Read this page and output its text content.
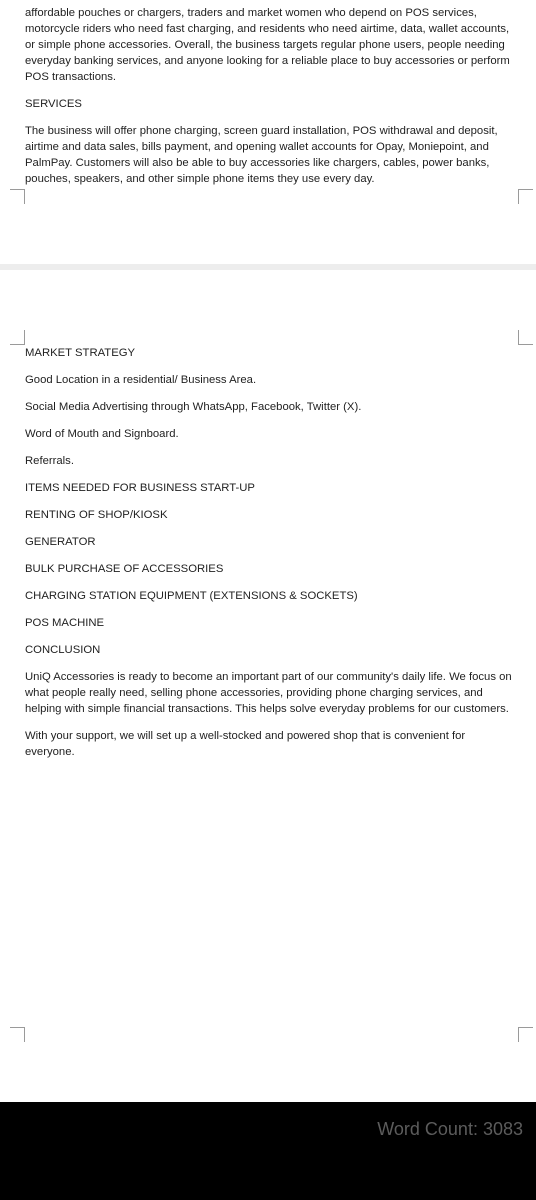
affordable pouches or chargers, traders and market women who depend on POS services, motorcycle riders who need fast charging, and residents who need airtime, data, wallet accounts, or simple phone accessories. Overall, the business targets regular phone users, people needing everyday banking services, and anyone looking for a reliable place to buy accessories or perform POS transactions.

SERVICES

The business will offer phone charging, screen guard installation, POS withdrawal and deposit, airtime and data sales, bills payment, and opening wallet accounts for Opay, Moniepoint, and PalmPay. Customers will also be able to buy accessories like chargers, cables, power banks, pouches, speakers, and other simple phone items they use every day.

MARKET STRATEGY

Good Location in a residential/ Business Area.

Social Media Advertising through WhatsApp, Facebook, Twitter (X).

Word of Mouth and Signboard.

Referrals.

ITEMS NEEDED FOR BUSINESS START-UP

RENTING OF SHOP/KIOSK

GENERATOR

BULK PURCHASE OF ACCESSORIES

CHARGING STATION EQUIPMENT (EXTENSIONS & SOCKETS)

POS MACHINE

CONCLUSION

UniQ Accessories is ready to become an important part of our community's daily life. We focus on what people really need, selling phone accessories, providing phone charging services, and helping with simple financial transactions. This helps solve everyday problems for our customers.

With your support, we will set up a well-stocked and powered shop that is convenient for everyone.

Word Count: 3083
